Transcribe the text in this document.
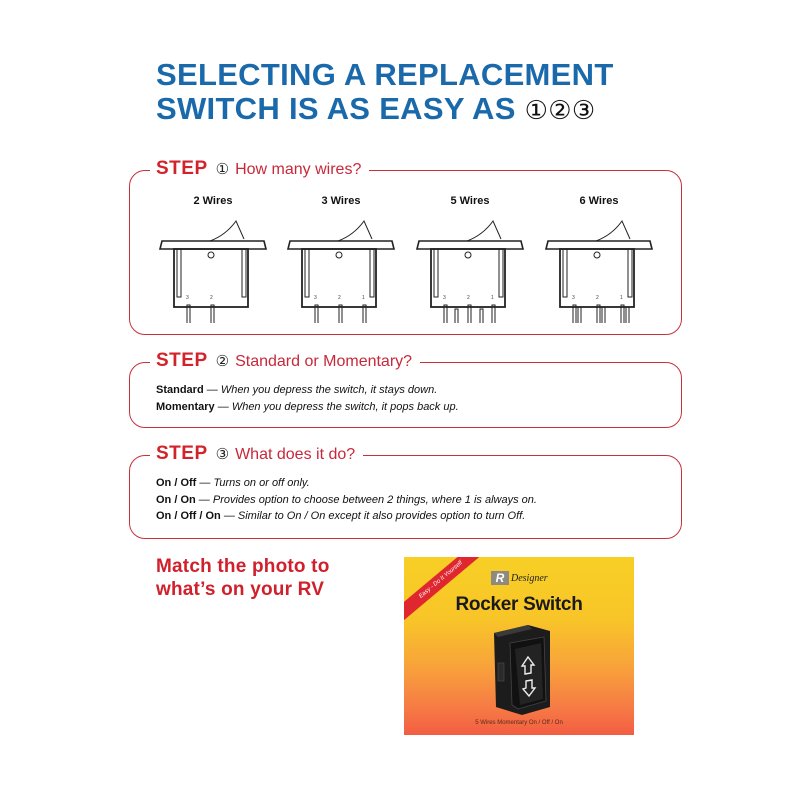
SELECTING A REPLACEMENT
SWITCH IS AS EASY AS ①②③
STEP ① How many wires?
2 Wires
3	2
3 Wires
3	2	1
5 Wires
3	2	1
6 Wires
3	2	1
STEP ② Standard or Momentary?
Standard — When you depress the switch, it stays down.
Momentary — When you depress the switch, it pops back up.
STEP ③ What does it do?
On / Off — Turns on or off only.
On / On — Provides option to choose between 2 things, where 1 is always on.
On / Off / On — Similar to On / On except it also provides option to turn Off.
Match the photo to
what’s on your RV	Easy - Do It Yourself	R Designer
Rocker Switch
5 Wires Momentary On / Off / On
